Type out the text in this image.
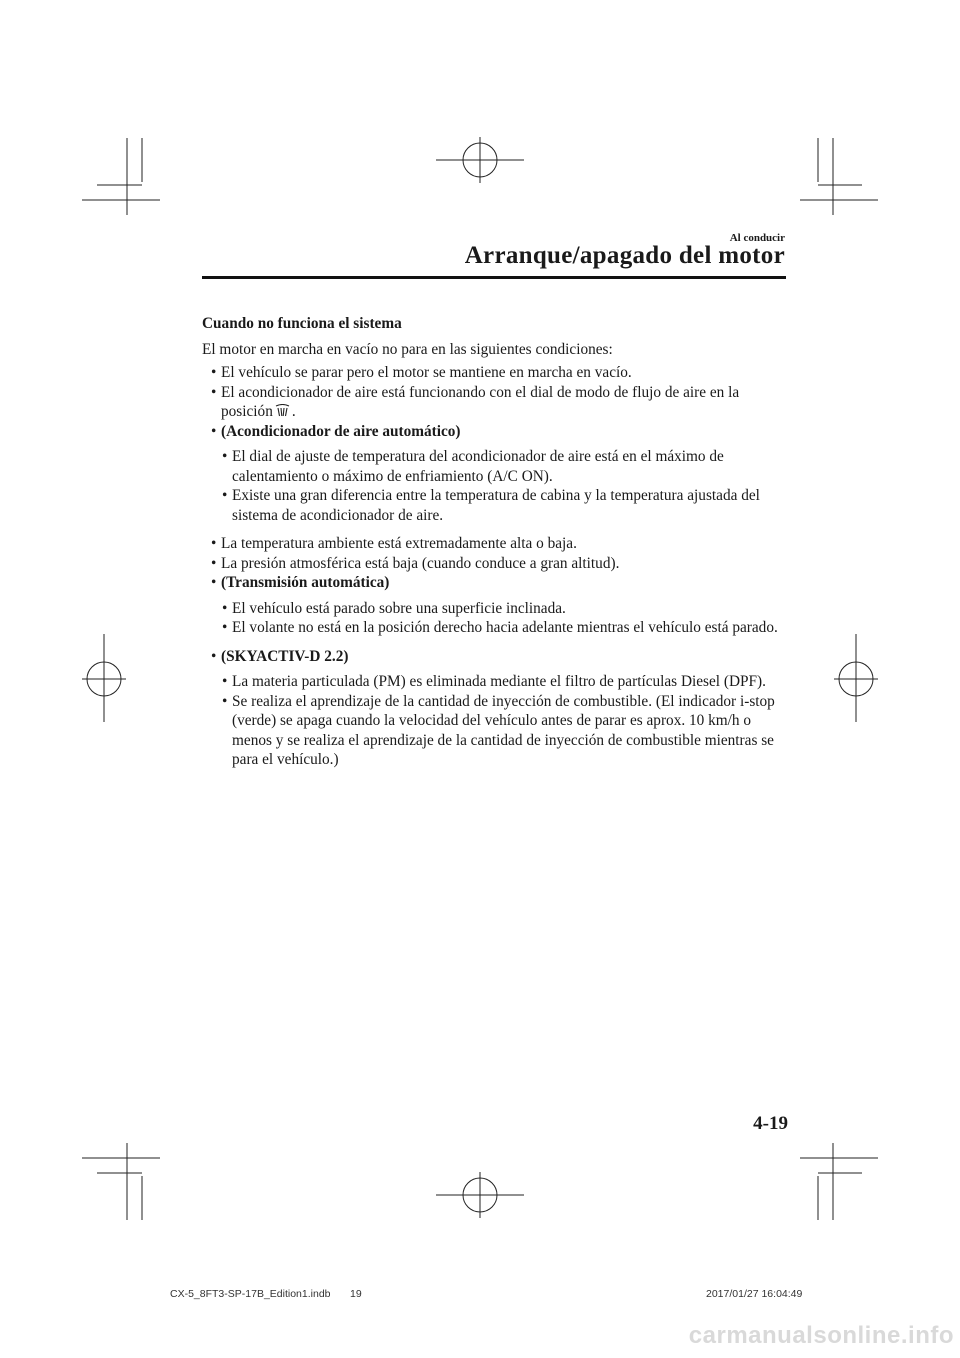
Al conducir
Arranque/apagado del motor

Cuando no funciona el sistema

El motor en marcha en vacío no para en las siguientes condiciones:

• El vehículo se parar pero el motor se mantiene en marcha en vacío.

• El acondicionador de aire está funcionando con el dial de modo de flujo de aire en la
posición .

• (Acondicionador de aire automático)

• El dial de ajuste de temperatura del acondicionador de aire está en el máximo de
calentamiento o máximo de enfriamiento (A/C ON).

• Existe una gran diferencia entre la temperatura de cabina y la temperatura ajustada del
sistema de acondicionador de aire.

• La temperatura ambiente está extremadamente alta o baja.

• La presión atmosférica está baja (cuando conduce a gran altitud).

• (Transmisión automática)

• El vehículo está parado sobre una superficie inclinada.

• El volante no está en la posición derecho hacia adelante mientras el vehículo está parado.

• (SKYACTIV-D 2.2)

• La materia particulada (PM) es eliminada mediante el filtro de partículas Diesel (DPF).

• Se realiza el aprendizaje de la cantidad de inyección de combustible. (El indicador i-stop
(verde) se apaga cuando la velocidad del vehículo antes de parar es aprox. 10 km/h o
menos y se realiza el aprendizaje de la cantidad de inyección de combustible mientras se
para el vehículo.)

4-19
CX-5_8FT3-SP-17B_Edition1.indb 19	2017/01/27 16:04:49
carmanualsonline.info
